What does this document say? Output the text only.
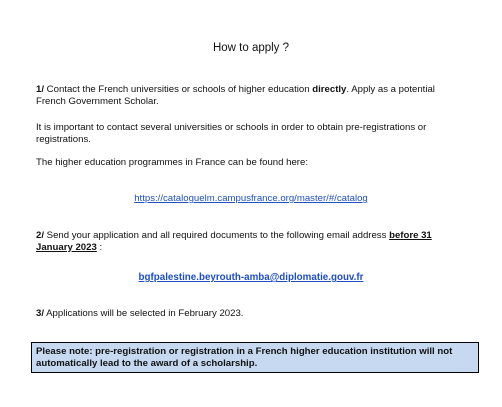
How to apply ?
1/ Contact the French universities or schools of higher education directly. Apply as a potential French Government Scholar.
It is important to contact several universities or schools in order to obtain pre-registrations or registrations.
The higher education programmes in France can be found here:
https://cataloguelm.campusfrance.org/master/#/catalog
2/ Send your application and all required documents to the following email address before 31 January 2023 :
bgfpalestine.beyrouth-amba@diplomatie.gouv.fr
3/ Applications will be selected in February 2023.
Please note: pre-registration or registration in a French higher education institution will not automatically lead to the award of a scholarship.
